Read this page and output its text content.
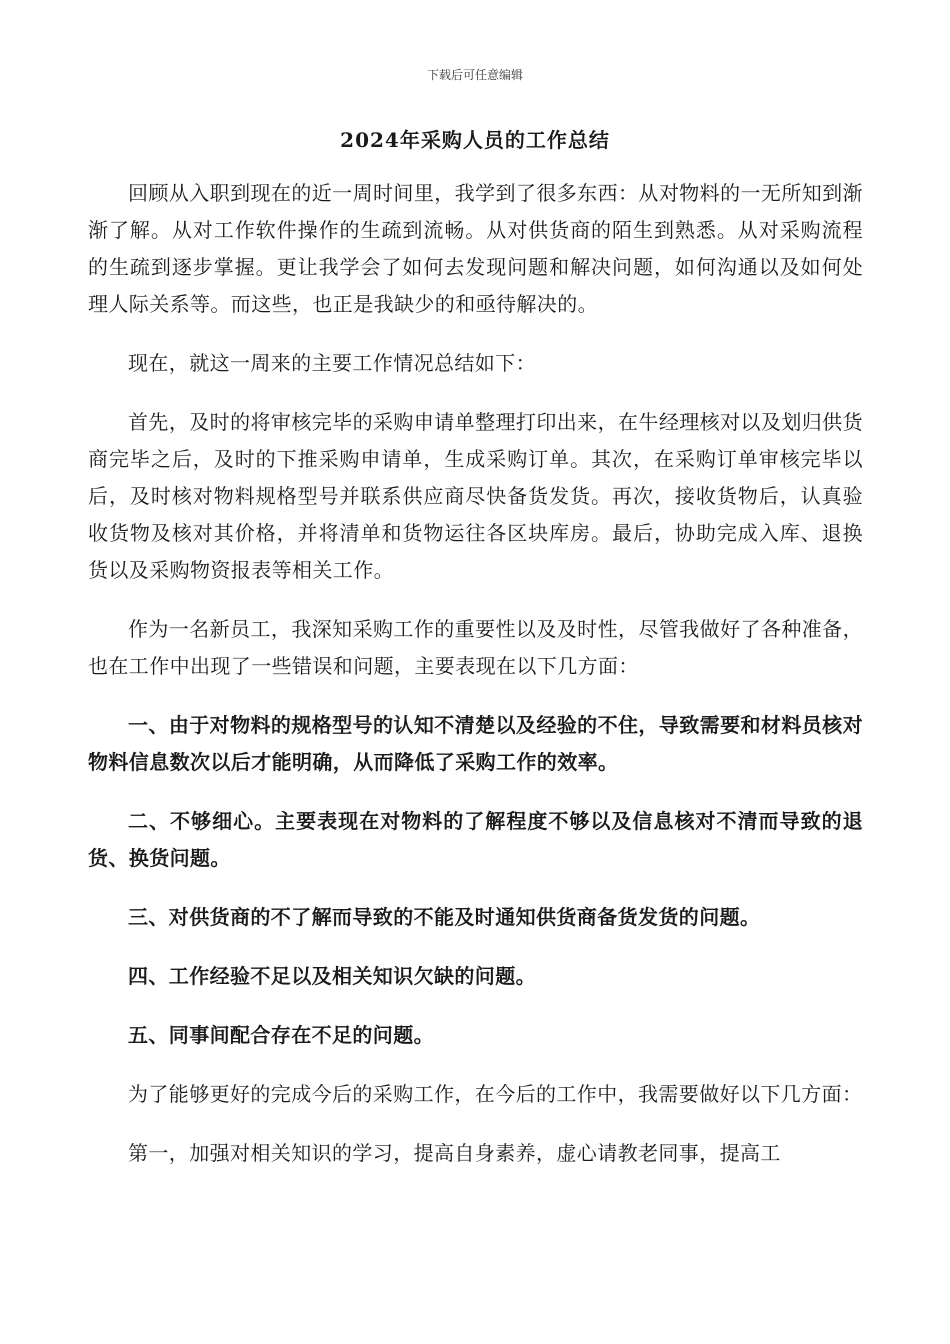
下载后可任意编辑
2024年采购人员的工作总结

回顾从入职到现在的近一周时间里，我学到了很多东西：从对物料的一无所知到渐渐了解。从对工作软件操作的生疏到流畅。从对供货商的陌生到熟悉。从对采购流程的生疏到逐步掌握。更让我学会了如何去发现问题和解决问题，如何沟通以及如何处理人际关系等。而这些，也正是我缺少的和亟待解决的。

现在，就这一周来的主要工作情况总结如下：

首先，及时的将审核完毕的采购申请单整理打印出来，在牛经理核对以及划归供货商完毕之后，及时的下推采购申请单，生成采购订单。其次，在采购订单审核完毕以后，及时核对物料规格型号并联系供应商尽快备货发货。再次，接收货物后，认真验收货物及核对其价格，并将清单和货物运往各区块库房。最后，协助完成入库、退换货以及采购物资报表等相关工作。

作为一名新员工，我深知采购工作的重要性以及及时性，尽管我做好了各种准备，也在工作中出现了一些错误和问题，主要表现在以下几方面：

一、由于对物料的规格型号的认知不清楚以及经验的不住，导致需要和材料员核对物料信息数次以后才能明确，从而降低了采购工作的效率。

二、不够细心。主要表现在对物料的了解程度不够以及信息核对不清而导致的退货、换货问题。

三、对供货商的不了解而导致的不能及时通知供货商备货发货的问题。

四、工作经验不足以及相关知识欠缺的问题。

五、同事间配合存在不足的问题。

为了能够更好的完成今后的采购工作，在今后的工作中，我需要做好以下几方面：

第一，加强对相关知识的学习，提高自身素养，虚心请教老同事，提高工
